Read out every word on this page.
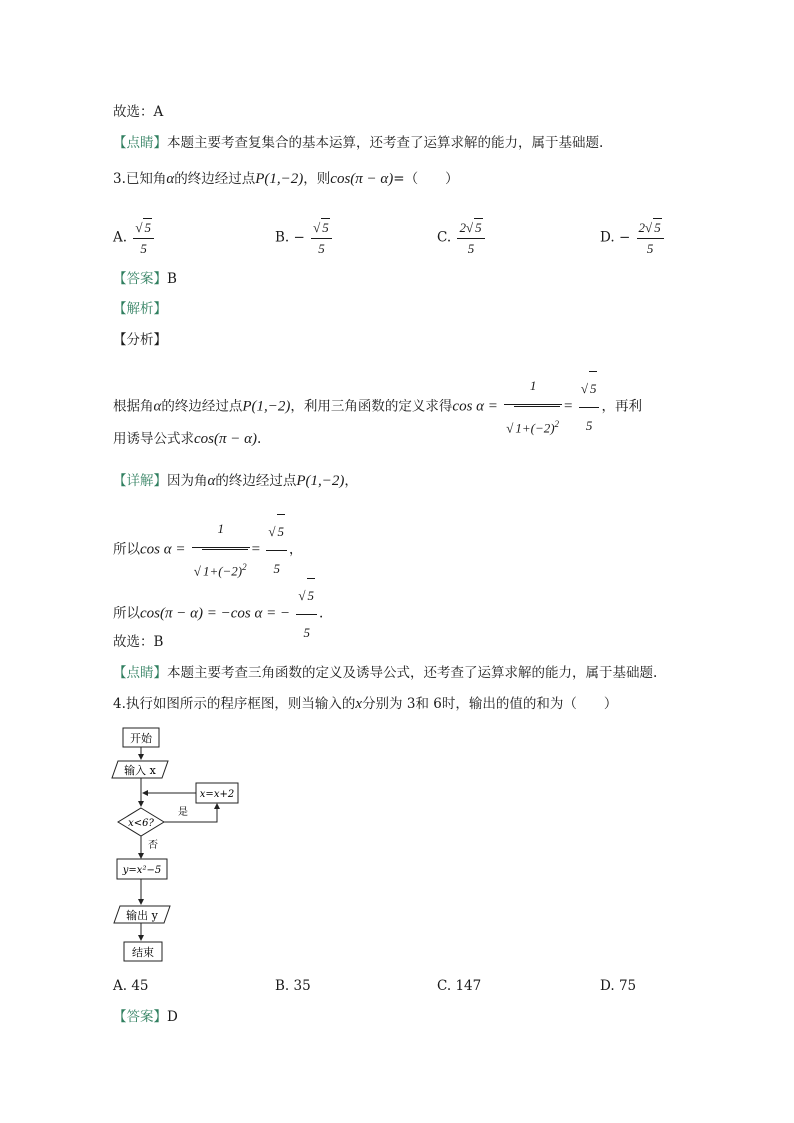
故选：A
【点睛】本题主要考查复集合的基本运算，还考查了运算求解的能力，属于基础题.
3.已知角α的终边经过点P(1,−2)，则cos(π − α)=（　　）
A. $\frac{√ 5}{5}$	B. − $\frac{√ 5}{5}$	C. $\frac{2√ 5}{5}$	D. − $\frac{2√ 5}{5}$
【答案】B
【解析】
【分析】
根据角α的终边经过点P(1,−2)，利用三角函数的定义求得$\cos \alpha = \frac{1}{√ 1+(-2)^2} = \frac{√ 5}{5}$ ，再利
用诱导公式求cos(π − α).
【详解】因为角α的终边经过点P(1,−2)，
所以$\cos \alpha = \frac{1}{√ 1+(-2)^2} = \frac{√ 5}{5}$ ，
所以cos(π − α) = −cos α = − $\frac{√ 5}{5}$ .
故选：B
【点睛】本题主要考查三角函数的定义及诱导公式，还考查了运算求解的能力，属于基础题.
4.执行如图所示的程序框图，则当输入的x分别为 3和 6时，输出的值的和为（　　）
开始
输入 x
x=x+2
x<6?
是
否
y=x²−5
输出 y
结束
A. 45	B. 35	C. 147	D. 75
【答案】D
